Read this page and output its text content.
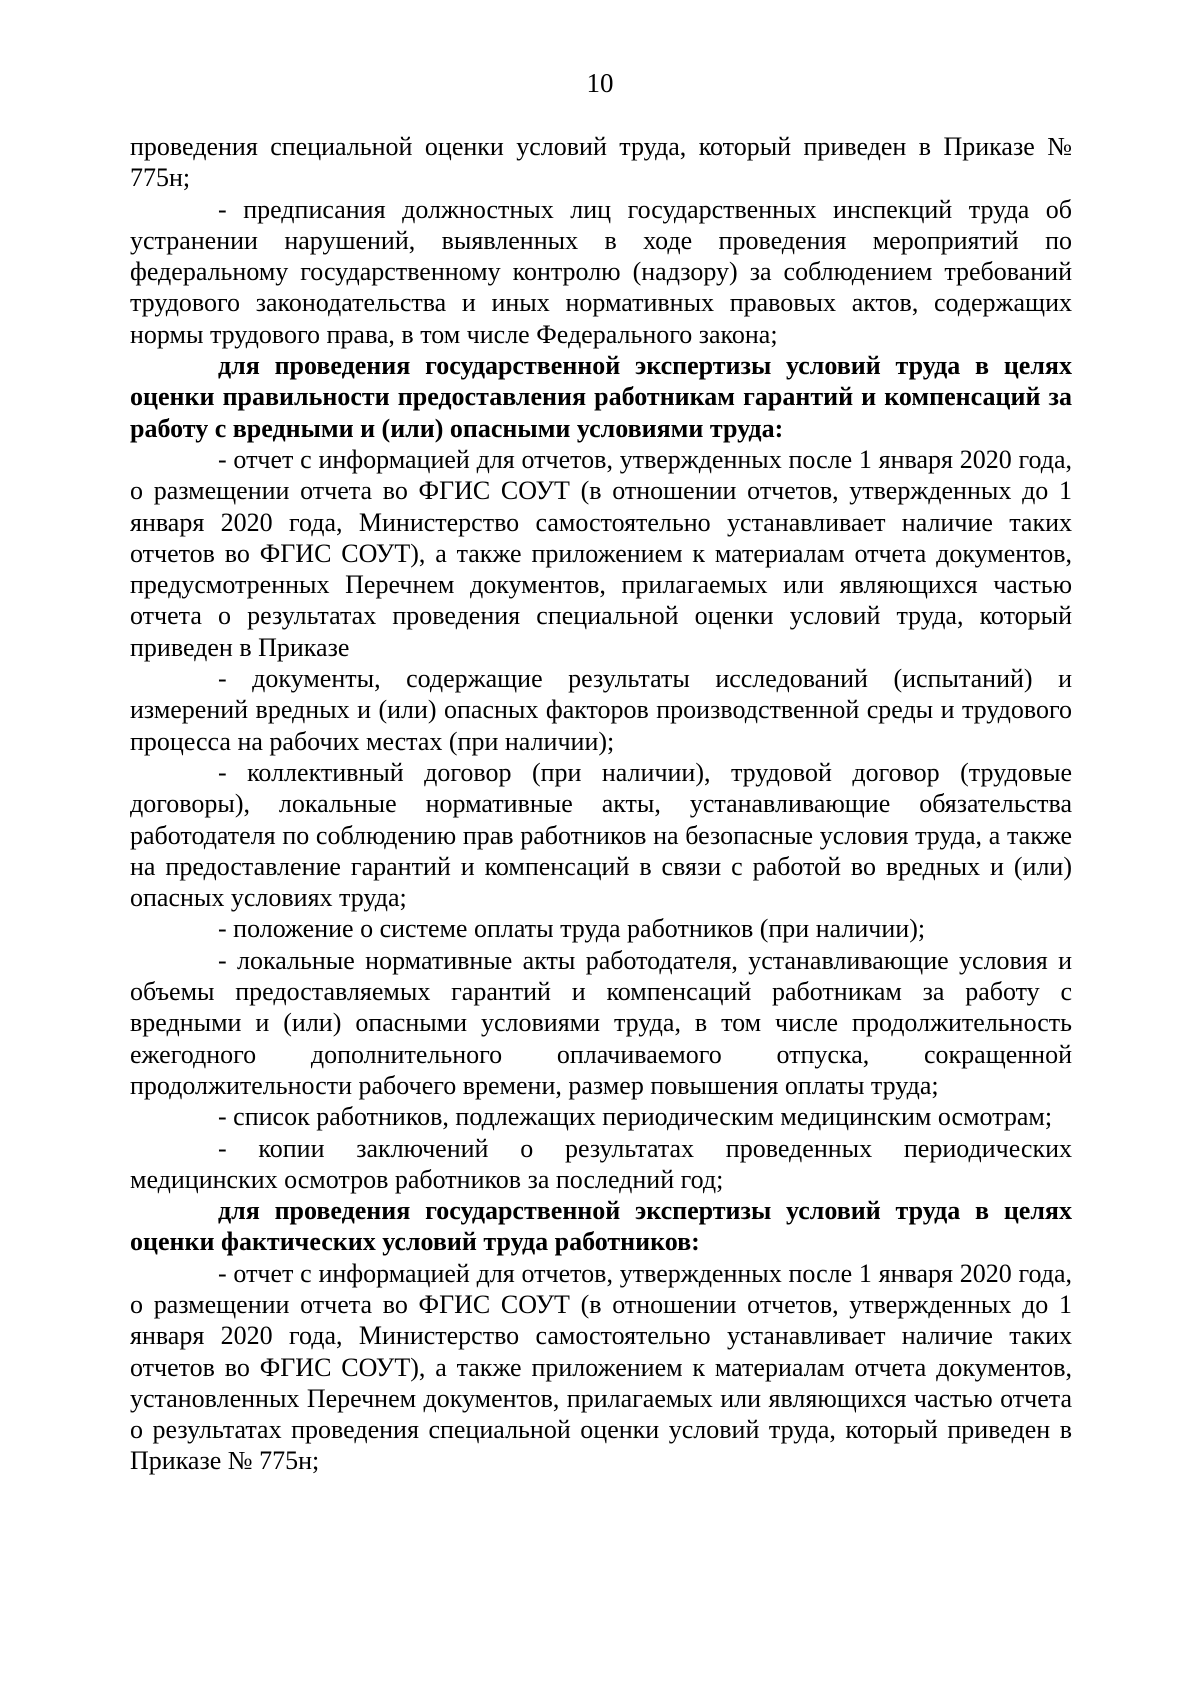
10

проведения специальной оценки условий труда, который приведен в Приказе № 775н;

- предписания должностных лиц государственных инспекций труда об устранении нарушений, выявленных в ходе проведения мероприятий по федеральному государственному контролю (надзору) за соблюдением требований трудового законодательства и иных нормативных правовых актов, содержащих нормы трудового права, в том числе Федерального закона;

для проведения государственной экспертизы условий труда в целях оценки правильности предоставления работникам гарантий и компенсаций за работу с вредными и (или) опасными условиями труда:

- отчет с информацией для отчетов, утвержденных после 1 января 2020 года, о размещении отчета во ФГИС СОУТ (в отношении отчетов, утвержденных до 1 января 2020 года, Министерство самостоятельно устанавливает наличие таких отчетов во ФГИС СОУТ), а также приложением к материалам отчета документов, предусмотренных Перечнем документов, прилагаемых или являющихся частью отчета о результатах проведения специальной оценки условий труда, который приведен в Приказе

- документы, содержащие результаты исследований (испытаний) и измерений вредных и (или) опасных факторов производственной среды и трудового процесса на рабочих местах (при наличии);

- коллективный договор (при наличии), трудовой договор (трудовые договоры), локальные нормативные акты, устанавливающие обязательства работодателя по соблюдению прав работников на безопасные условия труда, а также на предоставление гарантий и компенсаций в связи с работой во вредных и (или) опасных условиях труда;

- положение о системе оплаты труда работников (при наличии);

- локальные нормативные акты работодателя, устанавливающие условия и объемы предоставляемых гарантий и компенсаций работникам за работу с вредными и (или) опасными условиями труда, в том числе продолжительность ежегодного дополнительного оплачиваемого отпуска, сокращенной продолжительности рабочего времени, размер повышения оплаты труда;

- список работников, подлежащих периодическим медицинским осмотрам;

- копии заключений о результатах проведенных периодических медицинских осмотров работников за последний год;

для проведения государственной экспертизы условий труда в целях оценки фактических условий труда работников:

- отчет с информацией для отчетов, утвержденных после 1 января 2020 года, о размещении отчета во ФГИС СОУТ (в отношении отчетов, утвержденных до 1 января 2020 года, Министерство самостоятельно устанавливает наличие таких отчетов во ФГИС СОУТ), а также приложением к материалам отчета документов, установленных Перечнем документов, прилагаемых или являющихся частью отчета о результатах проведения специальной оценки условий труда, который приведен в Приказе № 775н;
